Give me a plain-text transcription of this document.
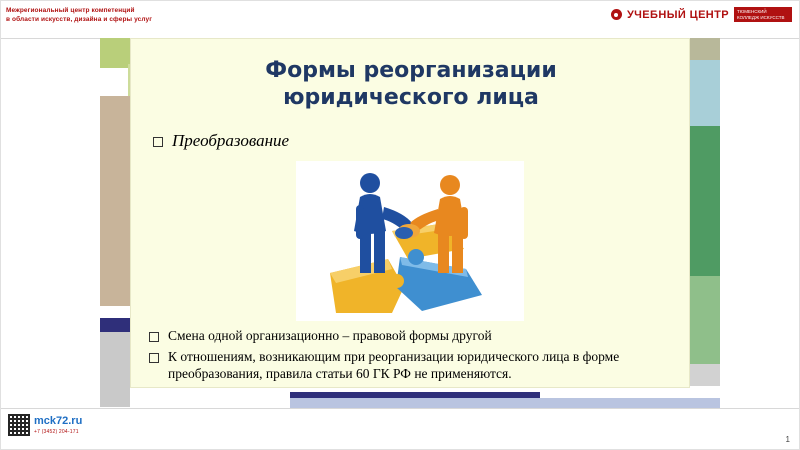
Межрегиональный центр компетенций
в области искусств, дизайна и сферы услуг	УЧЕБНЫЙ ЦЕНТР	ТЮМЕНСКИЙ КОЛЛЕДЖ ИСКУССТВ
Формы реорганизации
юридического лица
Преобразование
Смена одной организационно – правовой формы другой
К отношениям, возникающим при реорганизации юридического лица в форме преобразования, правила статьи 60 ГК РФ не применяются.
mck72.ru
+7 (3452) 204-171
1
